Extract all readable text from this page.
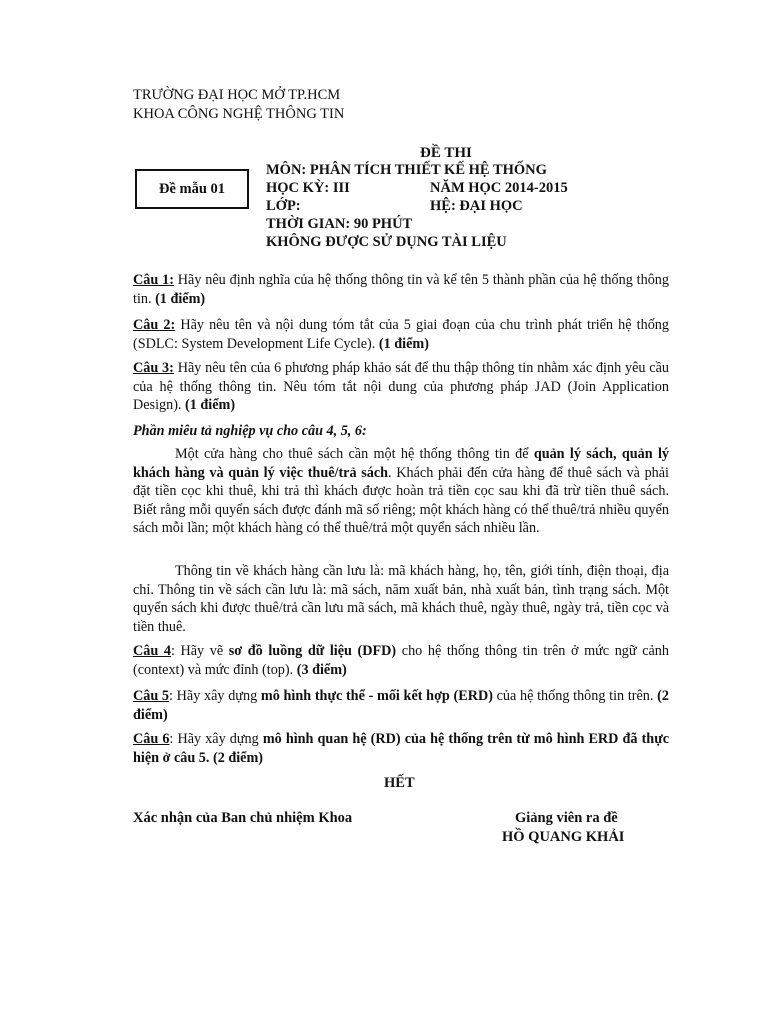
TRƯỜNG ĐẠI HỌC MỞ TP.HCM
KHOA CÔNG NGHỆ THÔNG TIN
ĐỀ THI
Đề mẫu 01
MÔN: PHÂN TÍCH THIẾT KẾ HỆ THỐNG
HỌC KỲ: III	NĂM HỌC 2014-2015
LỚP:	HỆ: ĐẠI HỌC
THỜI GIAN: 90 PHÚT
KHÔNG ĐƯỢC SỬ DỤNG TÀI LIỆU
Câu 1: Hãy nêu định nghĩa của hệ thống thông tin và kể tên 5 thành phần của hệ thống thông tin. (1 điểm)
Câu 2: Hãy nêu tên và nội dung tóm tắt của 5 giai đoạn của chu trình phát triển hệ thống (SDLC: System Development Life Cycle). (1 điểm)
Câu 3: Hãy nêu tên của 6 phương pháp khảo sát để thu thập thông tin nhằm xác định yêu cầu của hệ thống thông tin. Nêu tóm tắt nội dung của phương pháp JAD (Join Application Design). (1 điểm)
Phần miêu tả nghiệp vụ cho câu 4, 5, 6:
Một cửa hàng cho thuê sách cần một hệ thống thông tin để quản lý sách, quản lý khách hàng và quản lý việc thuê/trả sách. Khách phải đến cửa hàng để thuê sách và phải đặt tiền cọc khi thuê, khi trả thì khách được hoàn trả tiền cọc sau khi đã trừ tiền thuê sách. Biết rằng mỗi quyển sách được đánh mã số riêng; một khách hàng có thể thuê/trả nhiều quyển sách mỗi lần; một khách hàng có thể thuê/trả một quyển sách nhiều lần.
Thông tin về khách hàng cần lưu là: mã khách hàng, họ, tên, giới tính, điện thoại, địa chỉ. Thông tin về sách cần lưu là: mã sách, năm xuất bản, nhà xuất bản, tình trạng sách. Một quyển sách khi được thuê/trả cần lưu mã sách, mã khách thuê, ngày thuê, ngày trả, tiền cọc và tiền thuê.
Câu 4: Hãy vẽ sơ đồ luồng dữ liệu (DFD) cho hệ thống thông tin trên ở mức ngữ cảnh (context) và mức đỉnh (top). (3 điểm)
Câu 5: Hãy xây dựng mô hình thực thể - mối kết hợp (ERD) của hệ thống thông tin trên. (2 điểm)
Câu 6: Hãy xây dựng mô hình quan hệ (RD) của hệ thống trên từ mô hình ERD đã thực hiện ở câu 5. (2 điểm)
HẾT
Xác nhận của Ban chủ nhiệm Khoa	Giảng viên ra đề
HỒ QUANG KHẢI
